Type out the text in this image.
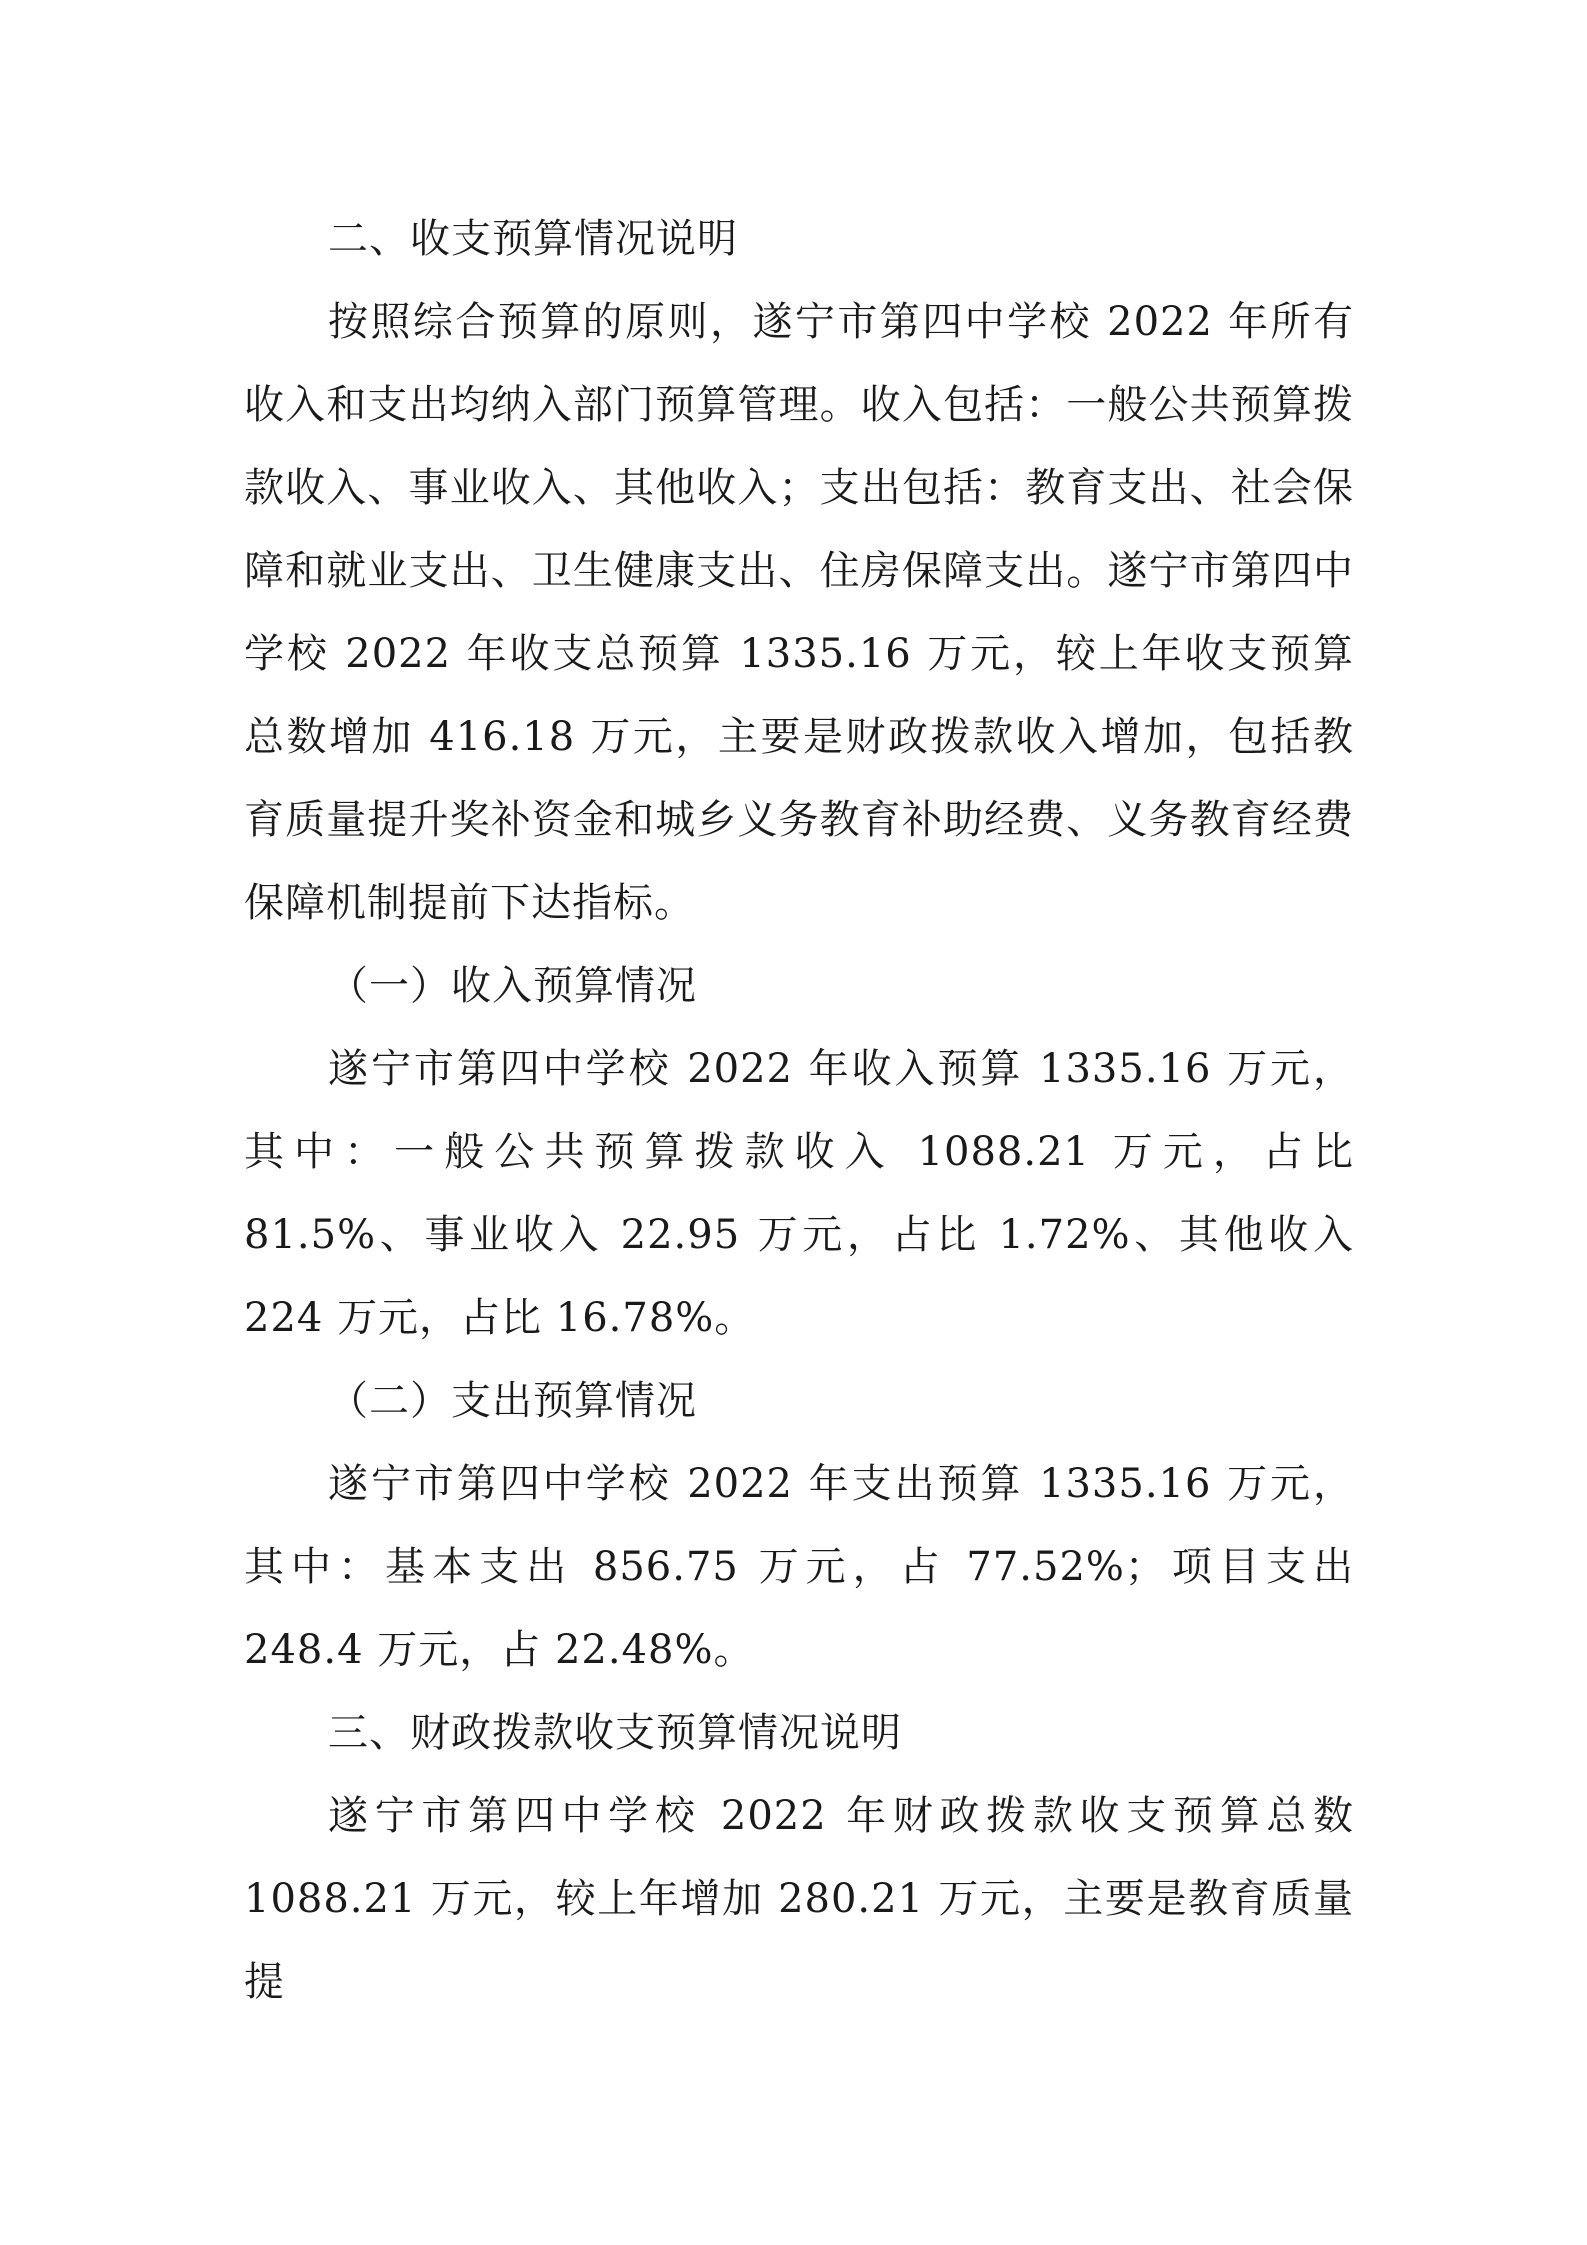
二、收支预算情况说明

按照综合预算的原则，遂宁市第四中学校 2022 年所有收入和支出均纳入部门预算管理。收入包括：一般公共预算拨款收入、事业收入、其他收入；支出包括：教育支出、社会保障和就业支出、卫生健康支出、住房保障支出。遂宁市第四中学校 2022 年收支总预算 1335.16 万元，较上年收支预算总数增加 416.18 万元，主要是财政拨款收入增加，包括教育质量提升奖补资金和城乡义务教育补助经费、义务教育经费保障机制提前下达指标。

（一）收入预算情况

遂宁市第四中学校 2022 年收入预算 1335.16 万元，其中：一般公共预算拨款收入 1088.21 万元，占比 81.5%、事业收入 22.95 万元，占比 1.72%、其他收入 224 万元，占比 16.78%。

（二）支出预算情况

遂宁市第四中学校 2022 年支出预算 1335.16 万元，其中：基本支出 856.75 万元，占 77.52%；项目支出 248.4 万元，占 22.48%。

三、财政拨款收支预算情况说明

遂宁市第四中学校 2022 年财政拨款收支预算总数 1088.21 万元，较上年增加 280.21 万元，主要是教育质量提
